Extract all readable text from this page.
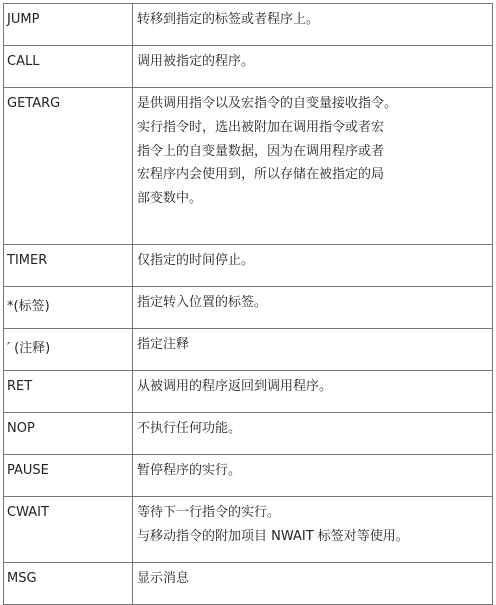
JUMP	转移到指定的标签或者程序上。

CALL	调用被指定的程序。

GETARG	是供调用指令以及宏指令的自变量接收指令。
实行指令时，选出被附加在调用指令或者宏
指令上的自变量数据，因为在调用程序或者
宏程序内会使用到，所以存储在被指定的局
部变数中。

TIMER	仅指定的时间停止。

*(标签)	指定转入位置的标签。

′ (注释)	指定注释

RET	从被调用的程序返回到调用程序。

NOP	不执行任何功能。

PAUSE	暂停程序的实行。

CWAIT	等待下一行指令的实行。
与移动指令的附加项目 NWAIT 标签对等使用。

MSG	显示消息
